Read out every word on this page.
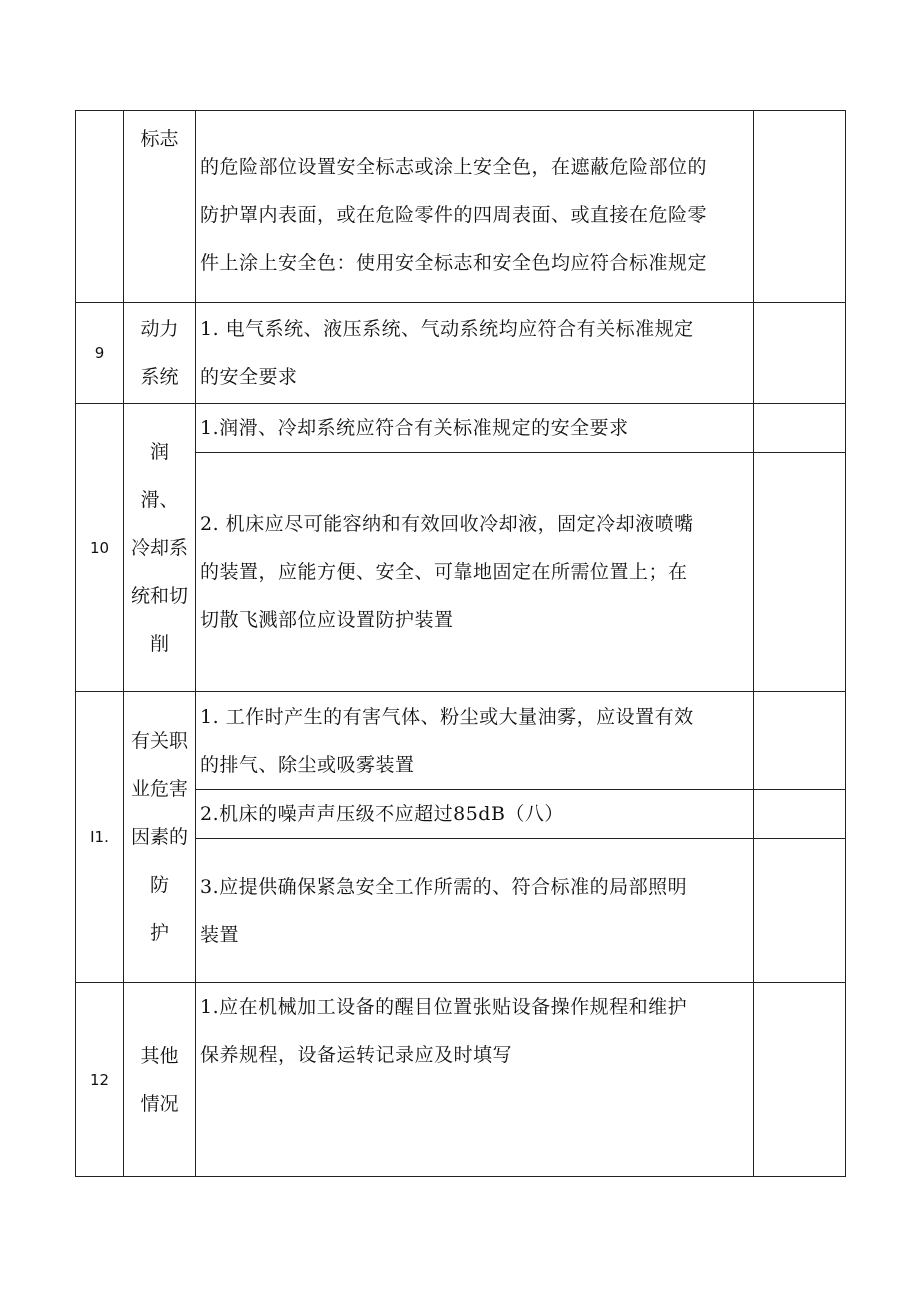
	标志	的危险部位设置安全标志或涂上安全色，在遮蔽危险部位的
防护罩内表面，或在危险零件的四周表面、或直接在危险零
件上涂上安全色：使用安全标志和安全色均应符合标准规定	

9	动力
系统	1. 电气系统、液压系统、气动系统均应符合有关标准规定
的安全要求	

10	润
滑、
冷却系
统和切
削	1.润滑、冷却系统应符合有关标准规定的安全要求	

		2. 机床应尽可能容纳和有效回收冷却液，固定冷却液喷嘴
的装置，应能方便、安全、可靠地固定在所需位置上；在
切散飞溅部位应设置防护装置	

I1.	有关职
业危害
因素的
防
护	1. 工作时产生的有害气体、粉尘或大量油雾，应设置有效
的排气、除尘或吸雾装置	

		2.机床的噪声声压级不应超过85dB（八）	

		3.应提供确保紧急安全工作所需的、符合标准的局部照明
装置	

12	其他
情况	1.应在机械加工设备的醒目位置张贴设备操作规程和维护
保养规程，设备运转记录应及时填写	
